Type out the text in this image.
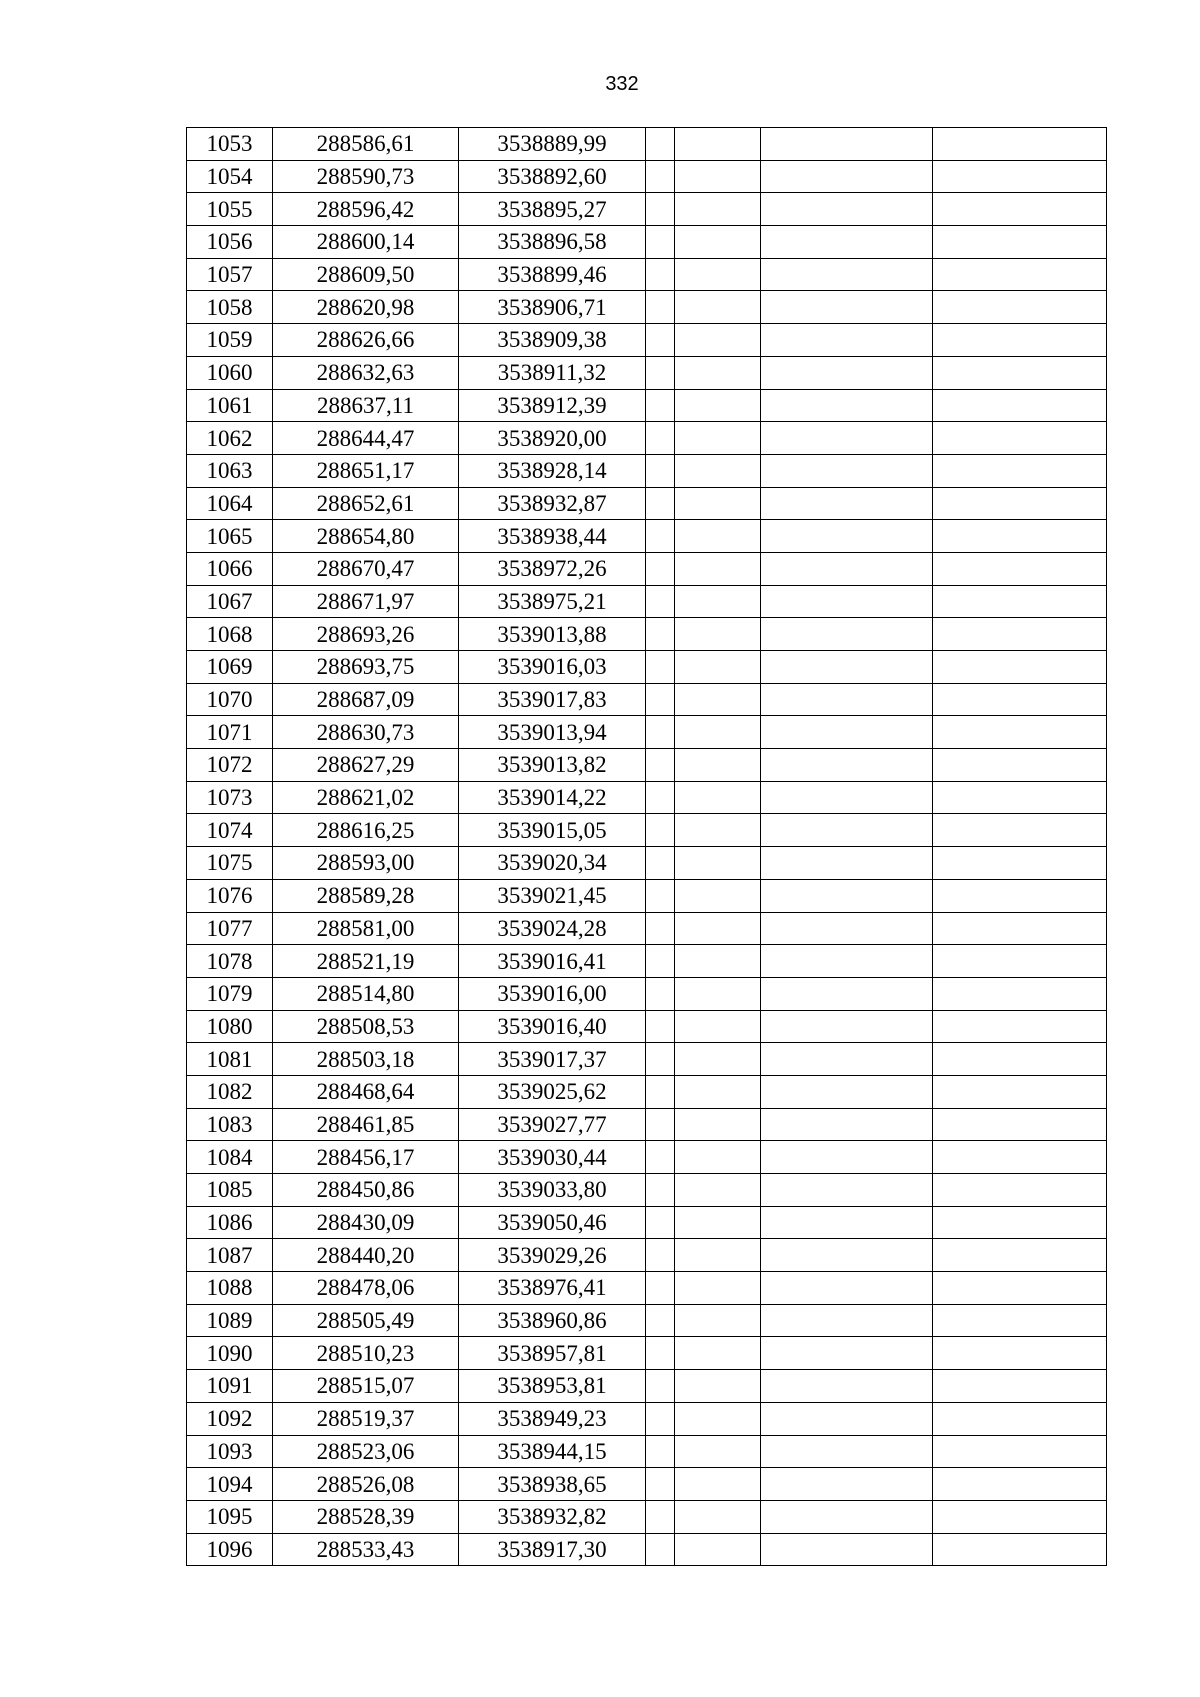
332
1053	288586,61	3538889,99				
1054	288590,73	3538892,60				
1055	288596,42	3538895,27				
1056	288600,14	3538896,58				
1057	288609,50	3538899,46				
1058	288620,98	3538906,71				
1059	288626,66	3538909,38				
1060	288632,63	3538911,32				
1061	288637,11	3538912,39				
1062	288644,47	3538920,00				
1063	288651,17	3538928,14				
1064	288652,61	3538932,87				
1065	288654,80	3538938,44				
1066	288670,47	3538972,26				
1067	288671,97	3538975,21				
1068	288693,26	3539013,88				
1069	288693,75	3539016,03				
1070	288687,09	3539017,83				
1071	288630,73	3539013,94				
1072	288627,29	3539013,82				
1073	288621,02	3539014,22				
1074	288616,25	3539015,05				
1075	288593,00	3539020,34				
1076	288589,28	3539021,45				
1077	288581,00	3539024,28				
1078	288521,19	3539016,41				
1079	288514,80	3539016,00				
1080	288508,53	3539016,40				
1081	288503,18	3539017,37				
1082	288468,64	3539025,62				
1083	288461,85	3539027,77				
1084	288456,17	3539030,44				
1085	288450,86	3539033,80				
1086	288430,09	3539050,46				
1087	288440,20	3539029,26				
1088	288478,06	3538976,41				
1089	288505,49	3538960,86				
1090	288510,23	3538957,81				
1091	288515,07	3538953,81				
1092	288519,37	3538949,23				
1093	288523,06	3538944,15				
1094	288526,08	3538938,65				
1095	288528,39	3538932,82				
1096	288533,43	3538917,30				
